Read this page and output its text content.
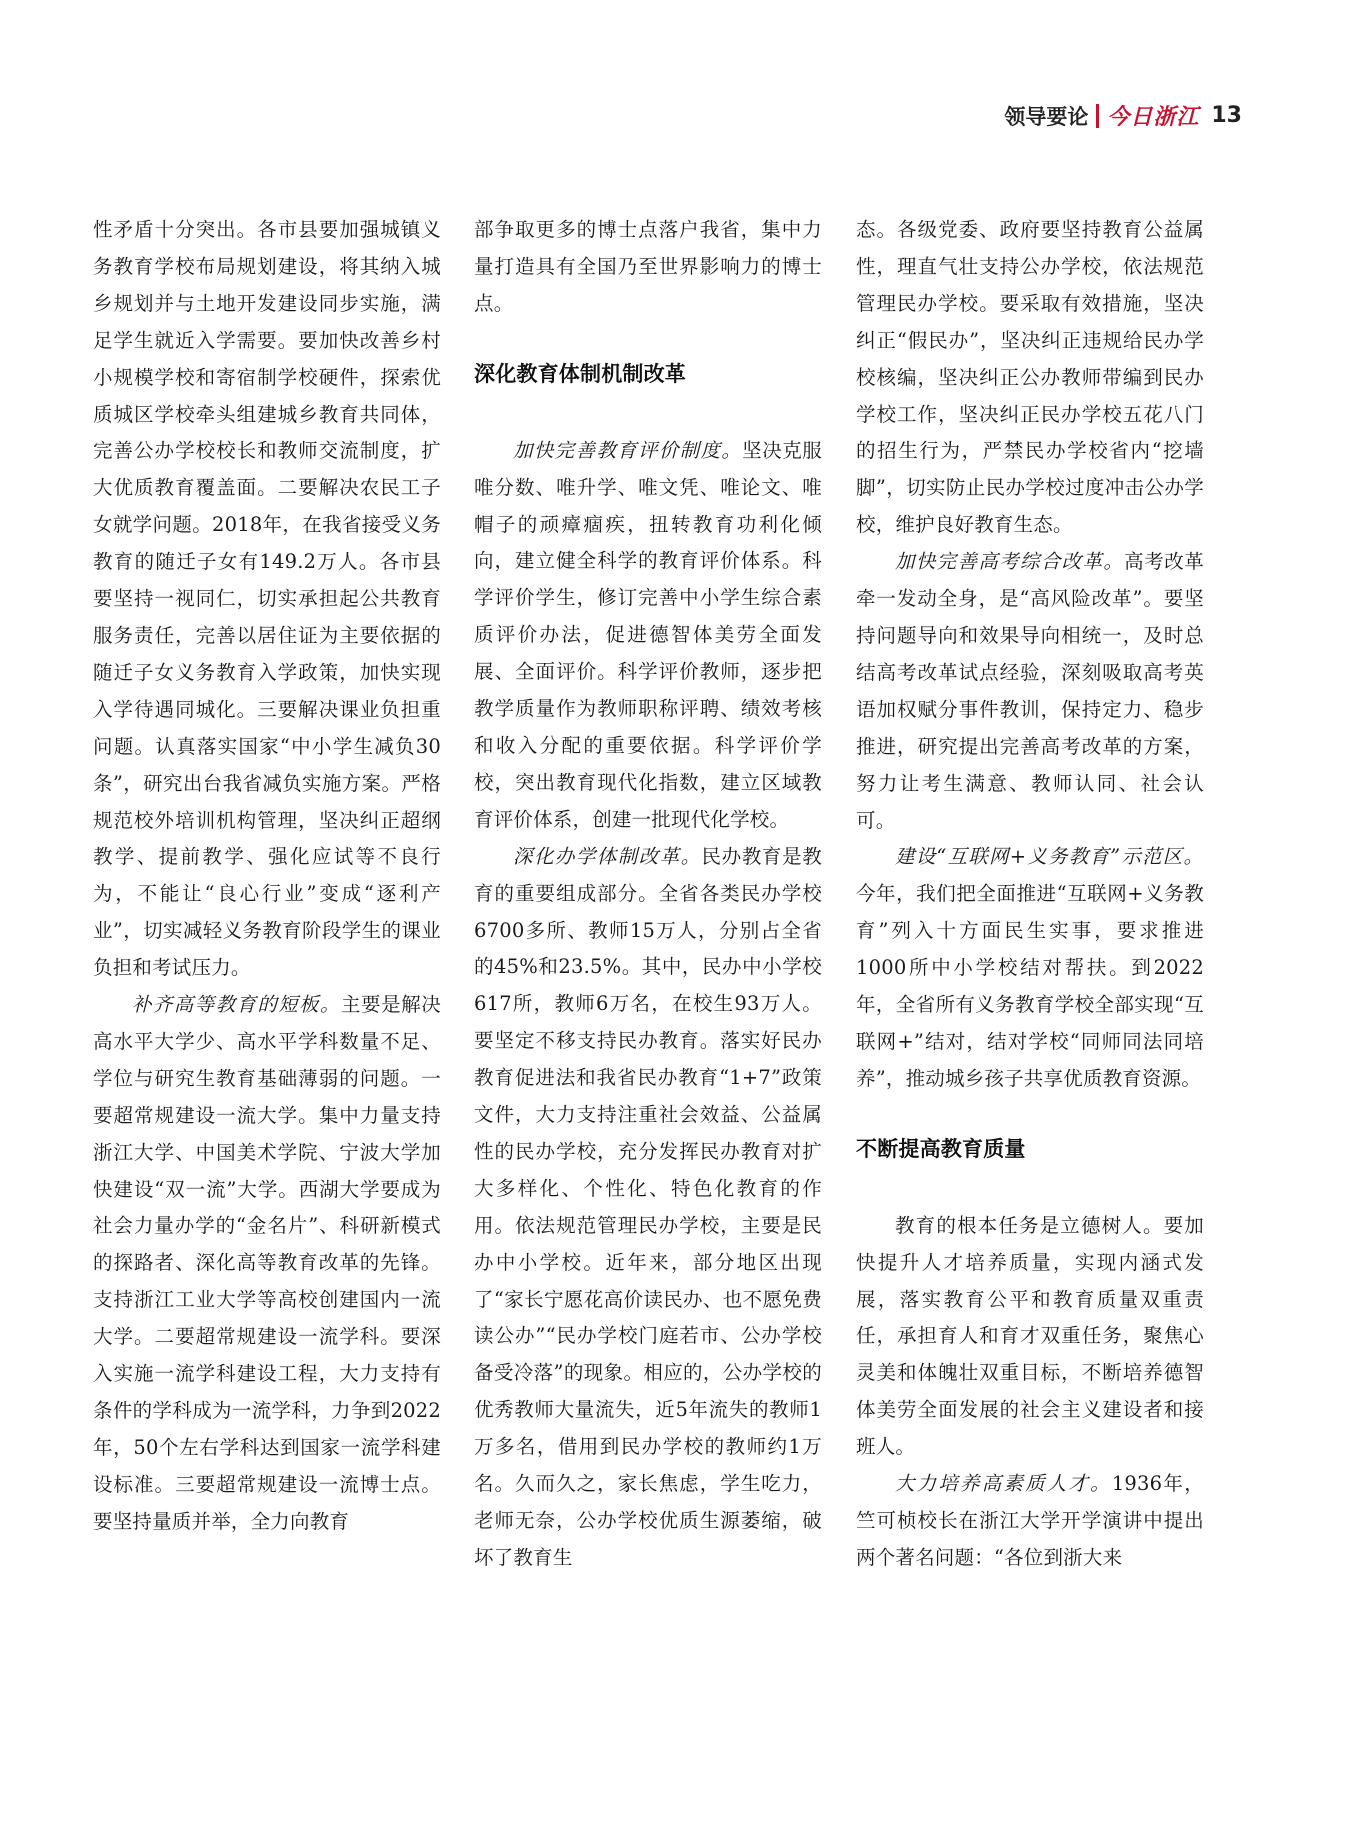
领导要论 今日浙江 13

性矛盾十分突出。各市县要加强城镇义务教育学校布局规划建设，将其纳入城乡规划并与土地开发建设同步实施，满足学生就近入学需要。要加快改善乡村小规模学校和寄宿制学校硬件，探索优质城区学校牵头组建城乡教育共同体，完善公办学校校长和教师交流制度，扩大优质教育覆盖面。二要解决农民工子女就学问题。2018年，在我省接受义务教育的随迁子女有149.2万人。各市县要坚持一视同仁，切实承担起公共教育服务责任，完善以居住证为主要依据的随迁子女义务教育入学政策，加快实现入学待遇同城化。三要解决课业负担重问题。认真落实国家“中小学生减负30条”，研究出台我省减负实施方案。严格规范校外培训机构管理，坚决纠正超纲教学、提前教学、强化应试等不良行为，不能让“良心行业”变成“逐利产业”，切实减轻义务教育阶段学生的课业负担和考试压力。

补齐高等教育的短板。主要是解决高水平大学少、高水平学科数量不足、学位与研究生教育基础薄弱的问题。一要超常规建设一流大学。集中力量支持浙江大学、中国美术学院、宁波大学加快建设“双一流”大学。西湖大学要成为社会力量办学的“金名片”、科研新模式的探路者、深化高等教育改革的先锋。支持浙江工业大学等高校创建国内一流大学。二要超常规建设一流学科。要深入实施一流学科建设工程，大力支持有条件的学科成为一流学科，力争到2022年，50个左右学科达到国家一流学科建设标准。三要超常规建设一流博士点。要坚持量质并举，全力向教育

部争取更多的博士点落户我省，集中力量打造具有全国乃至世界影响力的博士点。

深化教育体制机制改革

加快完善教育评价制度。坚决克服唯分数、唯升学、唯文凭、唯论文、唯帽子的顽瘴痼疾，扭转教育功利化倾向，建立健全科学的教育评价体系。科学评价学生，修订完善中小学生综合素质评价办法，促进德智体美劳全面发展、全面评价。科学评价教师，逐步把教学质量作为教师职称评聘、绩效考核和收入分配的重要依据。科学评价学校，突出教育现代化指数，建立区域教育评价体系，创建一批现代化学校。

深化办学体制改革。民办教育是教育的重要组成部分。全省各类民办学校6700多所、教师15万人，分别占全省的45%和23.5%。其中，民办中小学校617所，教师6万名，在校生93万人。要坚定不移支持民办教育。落实好民办教育促进法和我省民办教育“1+7”政策文件，大力支持注重社会效益、公益属性的民办学校，充分发挥民办教育对扩大多样化、个性化、特色化教育的作用。依法规范管理民办学校，主要是民办中小学校。近年来，部分地区出现了“家长宁愿花高价读民办、也不愿免费读公办”“民办学校门庭若市、公办学校备受冷落”的现象。相应的，公办学校的优秀教师大量流失，近5年流失的教师1万多名，借用到民办学校的教师约1万名。久而久之，家长焦虑，学生吃力，老师无奈，公办学校优质生源萎缩，破坏了教育生

态。各级党委、政府要坚持教育公益属性，理直气壮支持公办学校，依法规范管理民办学校。要采取有效措施，坚决纠正“假民办”，坚决纠正违规给民办学校核编，坚决纠正公办教师带编到民办学校工作，坚决纠正民办学校五花八门的招生行为，严禁民办学校省内“挖墙脚”，切实防止民办学校过度冲击公办学校，维护良好教育生态。

加快完善高考综合改革。高考改革牵一发动全身，是“高风险改革”。要坚持问题导向和效果导向相统一，及时总结高考改革试点经验，深刻吸取高考英语加权赋分事件教训，保持定力、稳步推进，研究提出完善高考改革的方案，努力让考生满意、教师认同、社会认可。

建设“互联网+义务教育”示范区。今年，我们把全面推进“互联网+义务教育”列入十方面民生实事，要求推进1000所中小学校结对帮扶。到2022年，全省所有义务教育学校全部实现“互联网+”结对，结对学校“同师同法同培养”，推动城乡孩子共享优质教育资源。

不断提高教育质量

教育的根本任务是立德树人。要加快提升人才培养质量，实现内涵式发展，落实教育公平和教育质量双重责任，承担育人和育才双重任务，聚焦心灵美和体魄壮双重目标，不断培养德智体美劳全面发展的社会主义建设者和接班人。

大力培养高素质人才。1936年，竺可桢校长在浙江大学开学演讲中提出两个著名问题：“各位到浙大来
